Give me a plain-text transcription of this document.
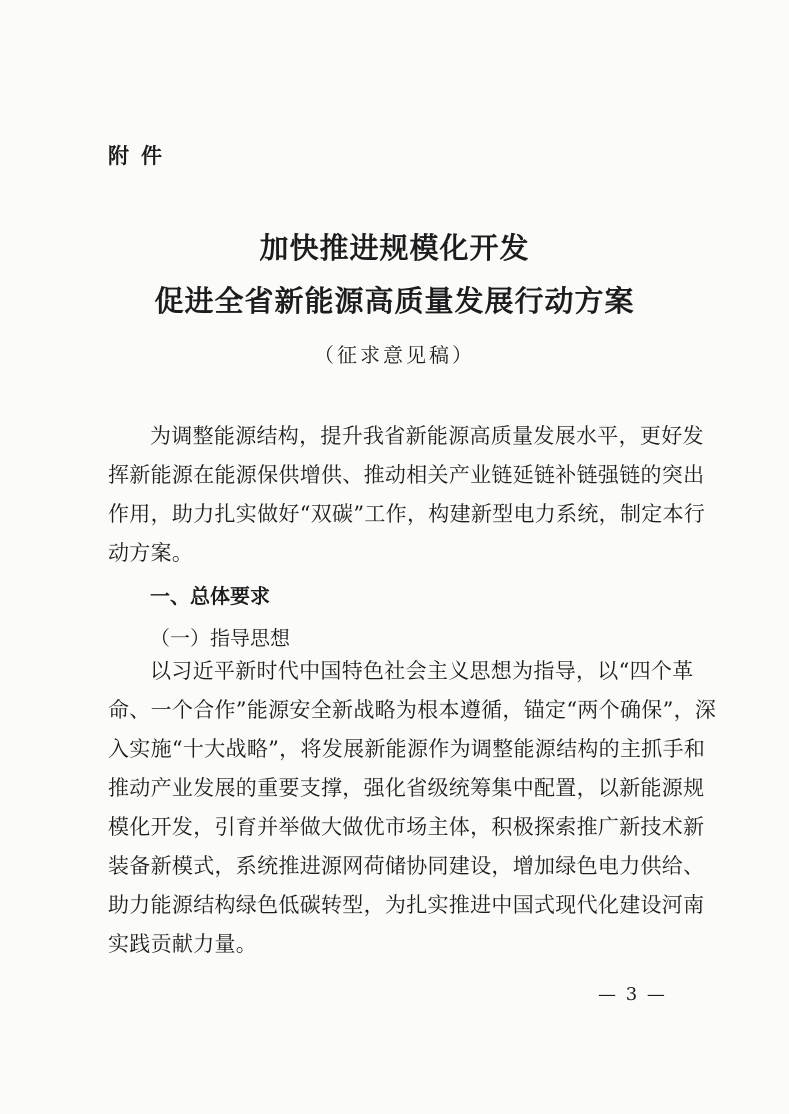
附件
加快推进规模化开发
促进全省新能源高质量发展行动方案
（征求意见稿）
为调整能源结构，提升我省新能源高质量发展水平，更好发
挥新能源在能源保供增供、推动相关产业链延链补链强链的突出
作用，助力扎实做好“双碳”工作，构建新型电力系统，制定本行
动方案。
一、总体要求
（一）指导思想
以习近平新时代中国特色社会主义思想为指导，以“四个革
命、一个合作”能源安全新战略为根本遵循，锚定“两个确保”，深
入实施“十大战略”，将发展新能源作为调整能源结构的主抓手和
推动产业发展的重要支撑，强化省级统筹集中配置，以新能源规
模化开发，引育并举做大做优市场主体，积极探索推广新技术新
装备新模式，系统推进源网荷储协同建设，增加绿色电力供给、
助力能源结构绿色低碳转型，为扎实推进中国式现代化建设河南
实践贡献力量。
— 3 —
